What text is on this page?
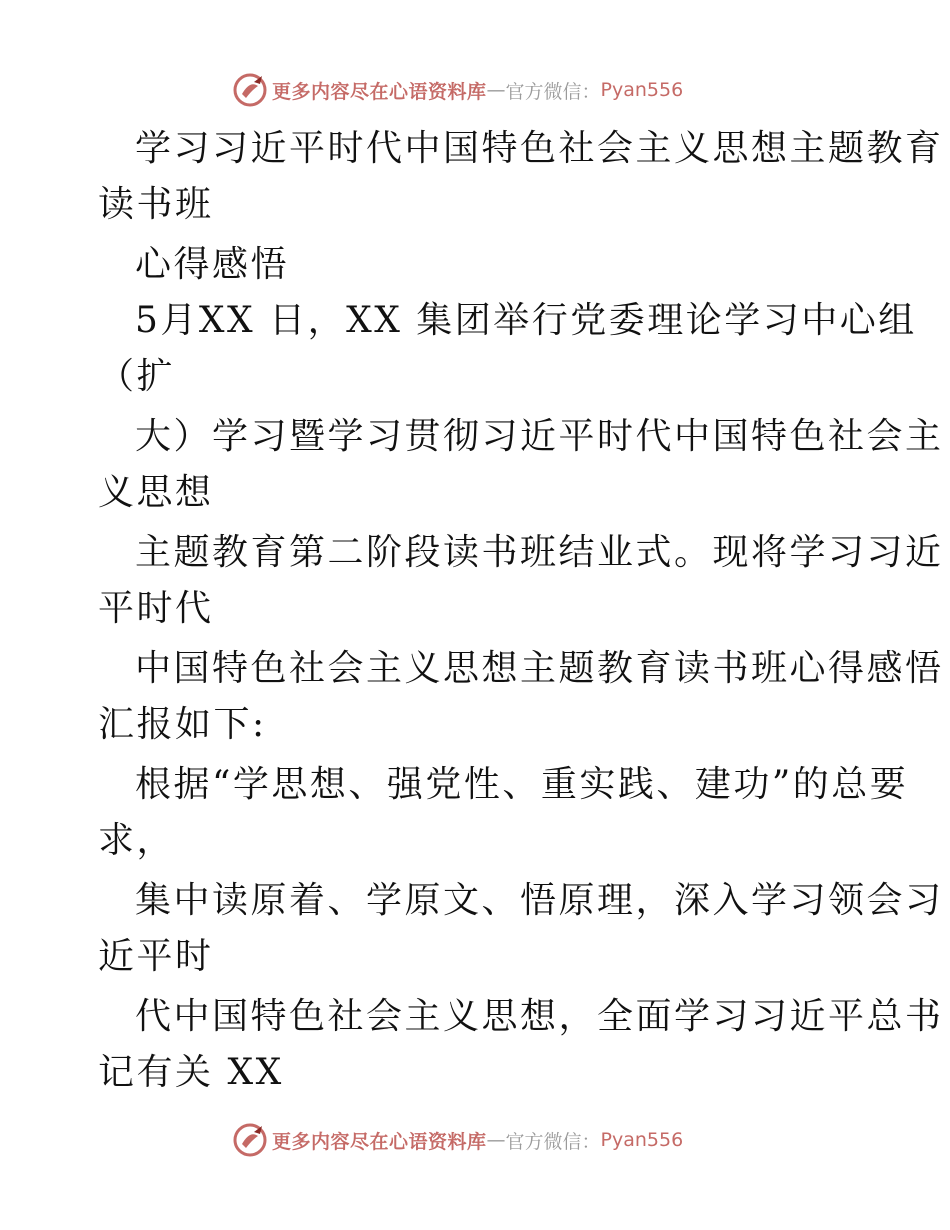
更多内容尽在心语资料库 — 官方微信： Pyan556
学习习近平时代中国特色社会主义思想主题教育
读书班
心得感悟
5月XX 日，XX 集团举行党委理论学习中心组
（扩
大）学习暨学习贯彻习近平时代中国特色社会主
义思想
主题教育第二阶段读书班结业式。现将学习习近
平时代
中国特色社会主义思想主题教育读书班心得感悟
汇报如下:
根据“学思想、强党性、重实践、建功”的总要
求，
集中读原着、学原文、悟原理，深入学习领会习
近平时
代中国特色社会主义思想，全面学习习近平总书
记有关 XX
更多内容尽在心语资料库 — 官方微信： Pyan556
